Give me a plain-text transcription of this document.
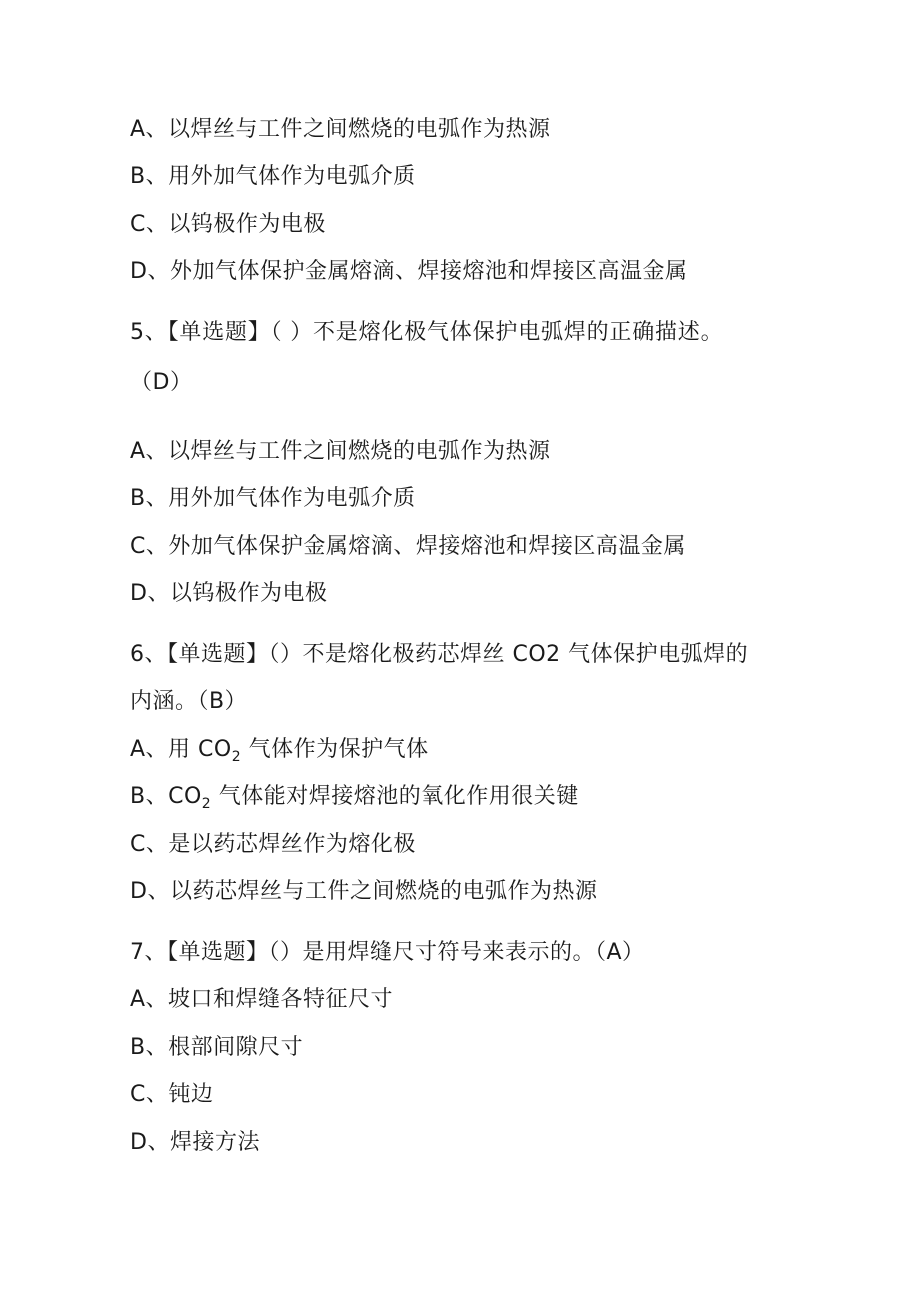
A、以焊丝与工件之间燃烧的电弧作为热源
B、用外加气体作为电弧介质
C、以钨极作为电极
D、外加气体保护金属熔滴、焊接熔池和焊接区高温金属
5、【单选题】（ ）不是熔化极气体保护电弧焊的正确描述。
（D）
A、以焊丝与工件之间燃烧的电弧作为热源
B、用外加气体作为电弧介质
C、外加气体保护金属熔滴、焊接熔池和焊接区高温金属
D、以钨极作为电极
6、【单选题】（）不是熔化极药芯焊丝 CO2 气体保护电弧焊的
内涵。（B）
A、用 $CO_2$ 气体作为保护气体
B、$CO_2$ 气体能对焊接熔池的氧化作用很关键
C、是以药芯焊丝作为熔化极
D、以药芯焊丝与工件之间燃烧的电弧作为热源
7、【单选题】（）是用焊缝尺寸符号来表示的。（A）
A、坡口和焊缝各特征尺寸
B、根部间隙尺寸
C、钝边
D、焊接方法
